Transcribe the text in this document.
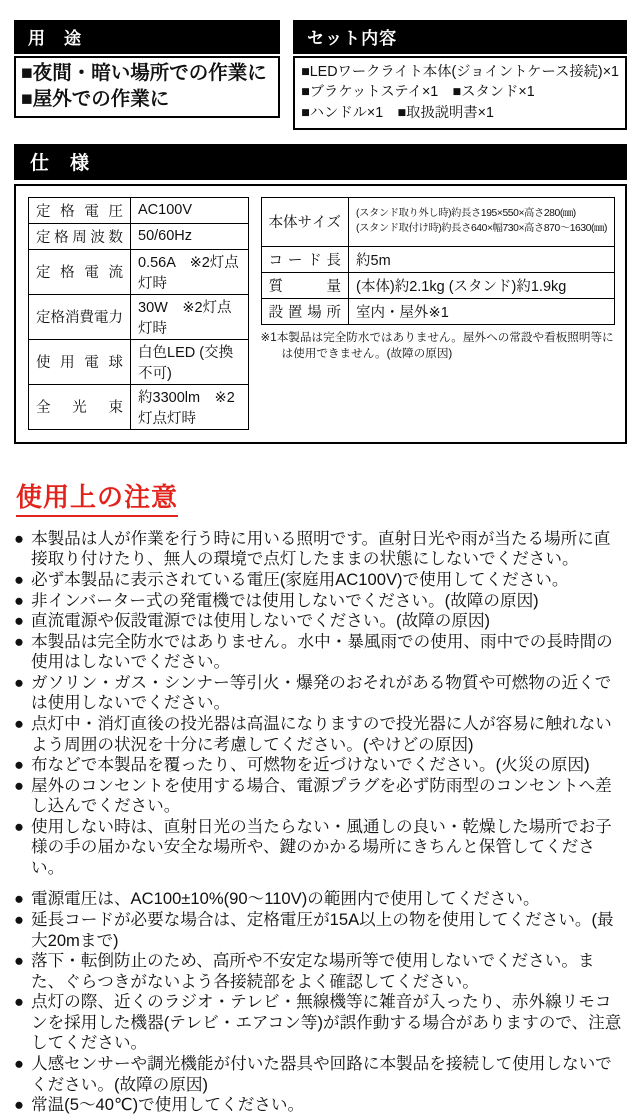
用　途
■夜間・暗い場所での作業に
■屋外での作業に
セット内容
■LEDワークライト本体(ジョイントケース接続)×1
■ブラケットステイ×1　■スタンド×1
■ハンドル×1　■取扱説明書×1
仕　様
定 格 電 圧	AC100V

定 格 周 波 数	50/60Hz

定 格 電 流	0.56A　※2灯点灯時

定 格 消 費 電 力
	30W　※2灯点灯時

使 用 電 球	白色LED (交換不可)

全 光 束	約3300lm　※2灯点灯時
本 体 サ イ ズ

(スタンド取り外し時)約長さ195×550×高さ280(㎜)
(スタンド取付け時)約長さ640×幅730×高さ870〜1630(㎜)

コ ー ド 長	約5m

質 量	(本体)約2.1kg (スタンド)約1.9kg

設 置 場 所	室内・屋外※1
※1本製品は完全防水ではありません。屋外への常設や看板照明等には使用できません。(故障の原因)
使用上の注意
● 本製品は人が作業を行う時に用いる照明です。直射日光や雨が当たる場所に直接取り付けたり、無人の環境で点灯したままの状態にしないでください。
● 必ず本製品に表示されている電圧(家庭用AC100V)で使用してください。
● 非インバーター式の発電機では使用しないでください。(故障の原因)
● 直流電源や仮設電源では使用しないでください。(故障の原因)
● 本製品は完全防水ではありません。水中・暴風雨での使用、雨中での長時間の使用はしないでください。
● ガソリン・ガス・シンナー等引火・爆発のおそれがある物質や可燃物の近くでは使用しないでください。
● 点灯中・消灯直後の投光器は高温になりますので投光器に人が容易に触れないよう周囲の状況を十分に考慮してください。(やけどの原因)
● 布などで本製品を覆ったり、可燃物を近づけないでください。(火災の原因)
● 屋外のコンセントを使用する場合、電源プラグを必ず防雨型のコンセントへ差し込んでください。
● 使用しない時は、直射日光の当たらない・風通しの良い・乾燥した場所でお子様の手の届かない安全な場所や、鍵のかかる場所にきちんと保管してください。
● 電源電圧は、AC100±10%(90〜110V)の範囲内で使用してください。
● 延長コードが必要な場合は、定格電圧が15A以上の物を使用してください。(最大20mまで)
● 落下・転倒防止のため、高所や不安定な場所等で使用しないでください。また、ぐらつきがないよう各接続部をよく確認してください。
● 点灯の際、近くのラジオ・テレビ・無線機等に雑音が入ったり、赤外線リモコンを採用した機器(テレビ・エアコン等)が誤作動する場合がありますので、注意してください。
● 人感センサーや調光機能が付いた器具や回路に本製品を接続して使用しないでください。(故障の原因)
● 常温(5〜40℃)で使用してください。
